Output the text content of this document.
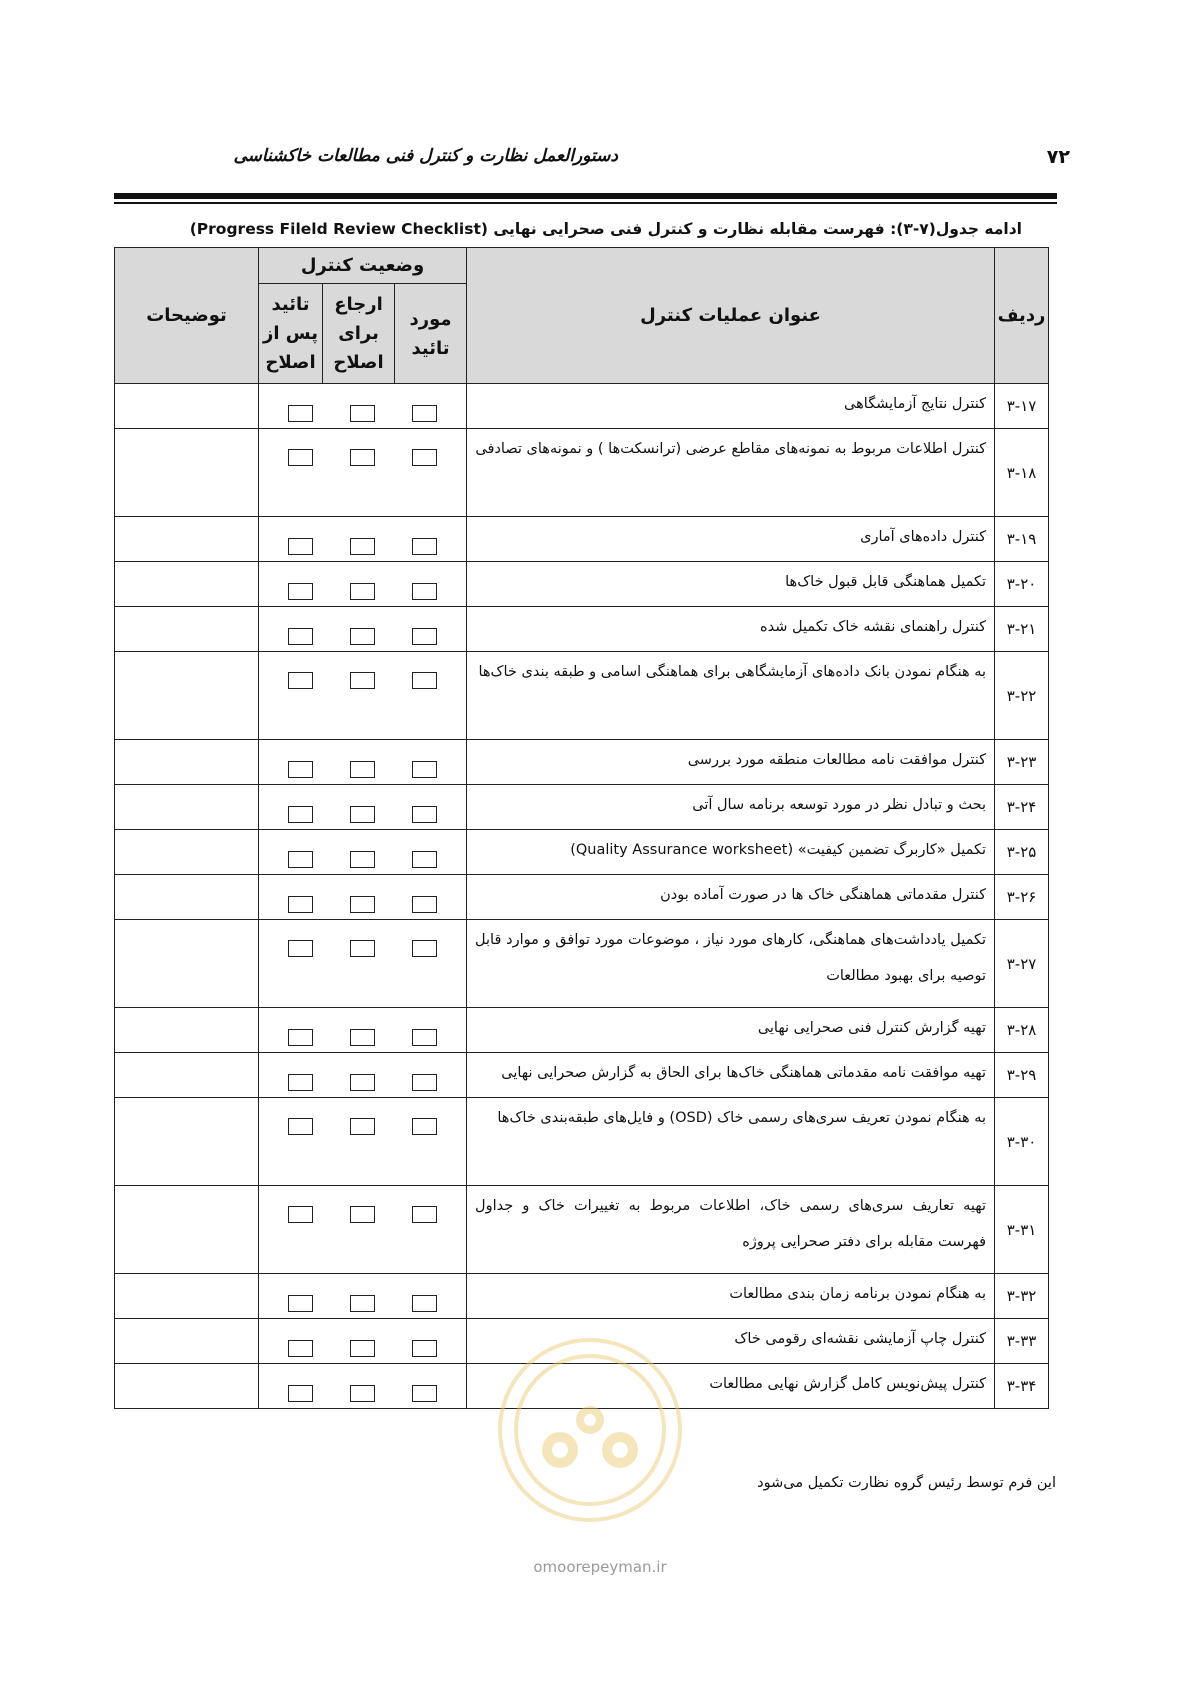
۷۲
دستورالعمل نظارت و کنترل فنی مطالعات خاکشناسی
ادامه جدول(۷-۳): فهرست مقابله نظارت و کنترل فنی صحرایی نهایی (Progress Fileld Review Checklist)
ردیف	عنوان عملیات کنترل	وضعیت کنترل			توضیحات
		مورد تائید	ارجاع برای اصلاح	تائید پس از اصلاح	
۳-۱۷	کنترل نتایج آزمایشگاهی			

۳-۱۸	کنترل اطلاعات مربوط به نمونه‌های مقاطع عرضی (ترانسکت‌ها ) و نمونه‌های تصادفی			

۳-۱۹	کنترل داده‌های آماری			

۳-۲۰	تکمیل هماهنگی قابل قبول خاک‌ها			

۳-۲۱	کنترل راهنمای نقشه خاک تکمیل شده			

۳-۲۲	به هنگام نمودن بانک داده‌های آزمایشگاهی برای هماهنگی اسامی و طبقه بندی خاک‌ها			

۳-۲۳	کنترل موافقت نامه مطالعات منطقه مورد بررسی			

۳-۲۴	بحث و تبادل نظر در مورد توسعه برنامه سال آتی			

۳-۲۵	تکمیل «کاربرگ تضمین کیفیت» (Quality Assurance worksheet)			

۳-۲۶	کنترل مقدماتی هماهنگی خاک ها در صورت آماده بودن			

۳-۲۷	تکمیل یادداشت‌های هماهنگی، کارهای مورد نیاز ، موضوعات مورد توافق و موارد قابل توصیه برای بهبود مطالعات			

۳-۲۸	تهیه گزارش کنترل فنی صحرایی نهایی			

۳-۲۹	تهیه موافقت نامه مقدماتی هماهنگی خاک‌ها برای الحاق به گزارش صحرایی نهایی			

۳-۳۰	به هنگام نمودن تعریف سری‌های رسمی خاک (OSD) و فایل‌های طبقه‌بندی خاک‌ها			

۳-۳۱	تهیه تعاریف سری‌های رسمی خاک، اطلاعات مربوط به تغییرات خاک و جداول فهرست مقابله برای دفتر صحرایی پروژه			

۳-۳۲	به هنگام نمودن برنامه زمان بندی مطالعات			

۳-۳۳	کنترل چاپ آزمایشی نقشه‌ای رقومی خاک			

۳-۳۴	کنترل پیش‌نویس کامل گزارش نهایی مطالعات			

این فرم توسط رئیس گروه نظارت تکمیل می‌شود
omoorepeyman.ir
